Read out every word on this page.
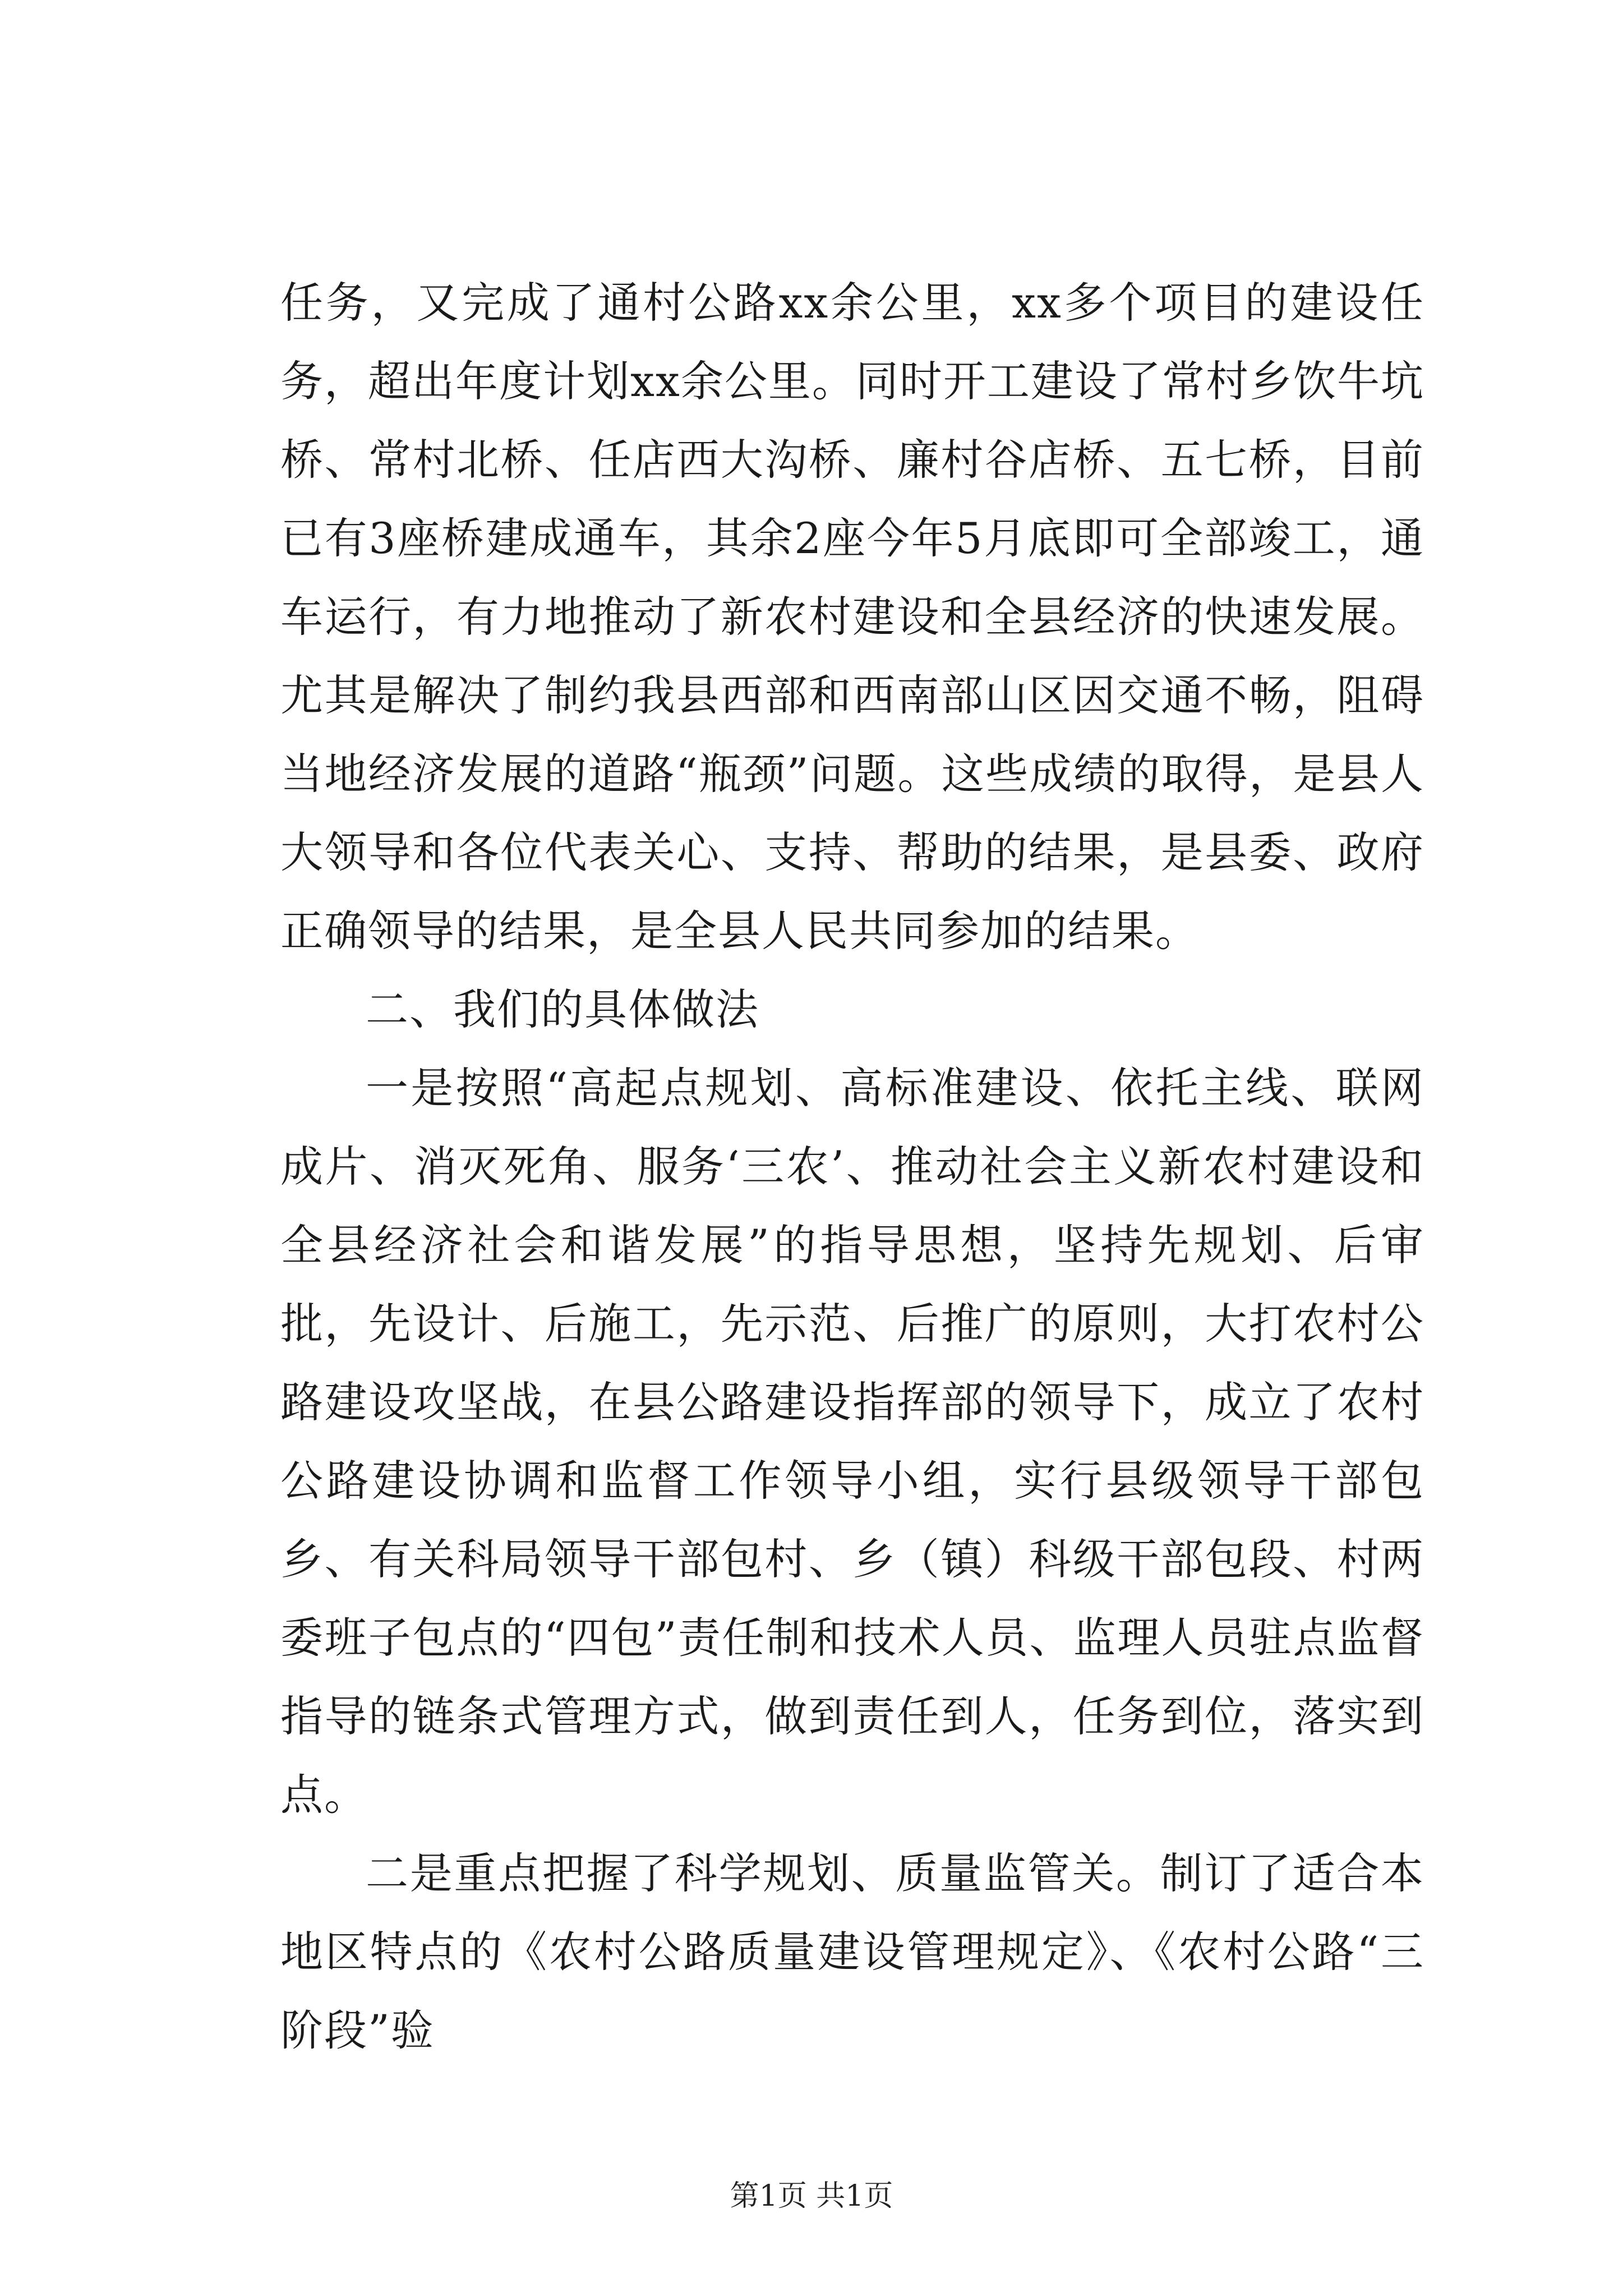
任务，又完成了通村公路xx余公里，xx多个项目的建设任务，超出年度计划xx余公里。同时开工建设了常村乡饮牛坑桥、常村北桥、任店西大沟桥、廉村谷店桥、五七桥，目前已有3座桥建成通车，其余2座今年5月底即可全部竣工，通车运行，有力地推动了新农村建设和全县经济的快速发展。尤其是解决了制约我县西部和西南部山区因交通不畅，阻碍当地经济发展的道路“瓶颈”问题。这些成绩的取得，是县人大领导和各位代表关心、支持、帮助的结果，是县委、政府正确领导的结果，是全县人民共同参加的结果。

二、我们的具体做法

一是按照“高起点规划、高标准建设、依托主线、联网成片、消灭死角、服务‘三农’、推动社会主义新农村建设和全县经济社会和谐发展”的指导思想，坚持先规划、后审批，先设计、后施工，先示范、后推广的原则，大打农村公路建设攻坚战，在县公路建设指挥部的领导下，成立了农村公路建设协调和监督工作领导小组，实行县级领导干部包乡、有关科局领导干部包村、乡（镇）科级干部包段、村两委班子包点的“四包”责任制和技术人员、监理人员驻点监督指导的链条式管理方式，做到责任到人，任务到位，落实到点。

二是重点把握了科学规划、质量监管关。制订了适合本地区特点的《农村公路质量建设管理规定》、《农村公路“三阶段”验

第1页 共1页
